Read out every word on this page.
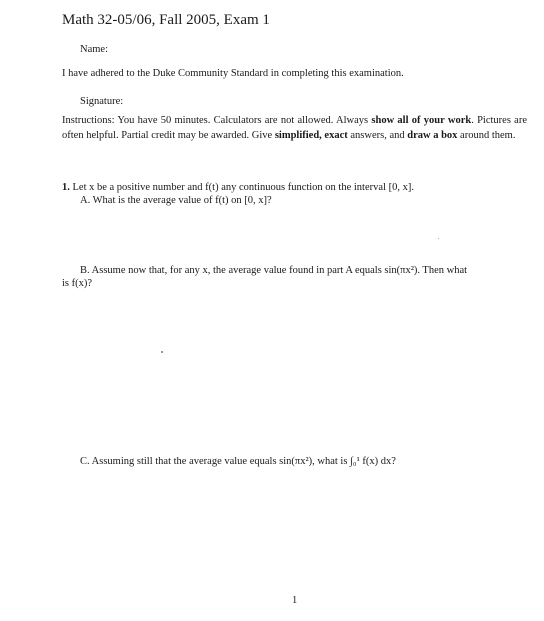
Math 32-05/06, Fall 2005, Exam 1
Name:
I have adhered to the Duke Community Standard in completing this examination.
Signature:
Instructions: You have 50 minutes. Calculators are not allowed. Always show all of your work. Pictures are often helpful. Partial credit may be awarded. Give simplified, exact answers, and draw a box around them.
1. Let x be a positive number and f(t) any continuous function on the interval [0, x].
A. What is the average value of f(t) on [0, x]?
B. Assume now that, for any x, the average value found in part A equals sin(πx²). Then what
is f(x)?
C. Assuming still that the average value equals sin(πx²), what is ∫₀¹ f(x) dx?
1
